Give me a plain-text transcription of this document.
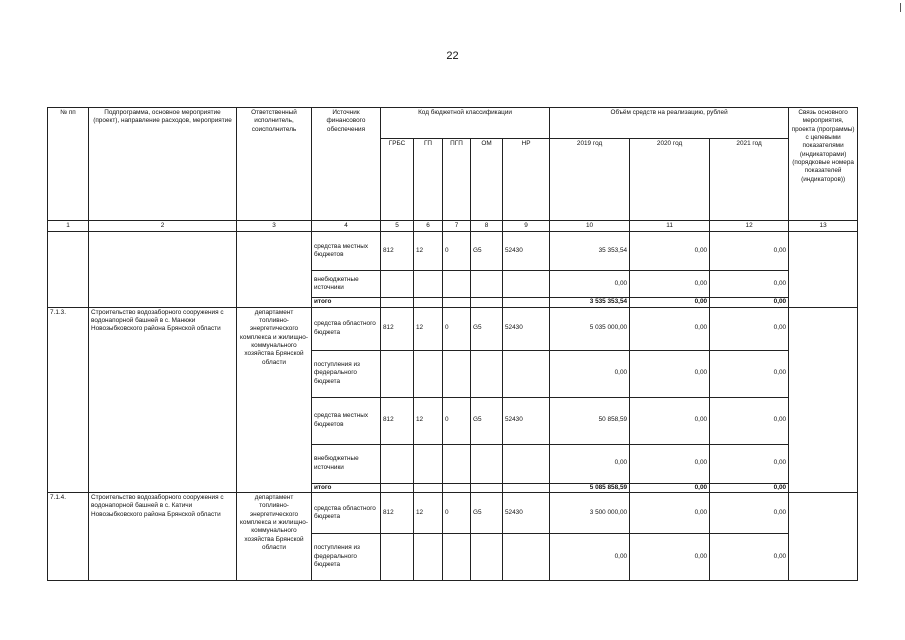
22
№ пп	Подпрограмма, основное мероприятие (проект), направление расходов, мероприятие	Ответственный исполнитель, соисполнитель	Источник финансового обеспечения	Код бюджетной классификации					Объём средств на реализацию, рублей			Связь основного мероприятия, проекта (программы) с целевыми показателями (индикаторами) (порядковые номера показателей (индикаторов))
				ГРБС	ГП	ПГП	ОМ	НР	2019 год	2020 год	2021 год	
1	2	3	4	5	6	7	8	9	10	11	12	13
			средства местных бюджетов	812	12	0	G5	52430	35 353,54	0,00	0,00	
			внебюджетные источники						0,00	0,00	0,00	
			итого						3 535 353,54	0,00	0,00	
7.1.3.	Строительство водозаборного сооружения с водонапорной башней в с. Манюки Новозыбковского района Брянской области	департамент топливно-энергетического комплекса и жилищно-коммунального хозяйства Брянской области	средства областного бюджета	812	12	0	G5	52430	5 035 000,00	0,00	0,00	
			поступления из федерального бюджета						0,00	0,00	0,00	
			средства местных бюджетов	812	12	0	G5	52430	50 858,59	0,00	0,00	
			внебюджетные источники						0,00	0,00	0,00	
			итого						5 085 858,59	0,00	0,00	
7.1.4.	Строительство водозаборного сооружения с водонапорной башней в с. Катичи Новозыбковского района Брянской области	департамент топливно-энергетического комплекса и жилищно-коммунального хозяйства Брянской области	средства областного бюджета	812	12	0	G5	52430	3 500 000,00	0,00	0,00	
			поступления из федерального бюджета						0,00	0,00	0,00	
